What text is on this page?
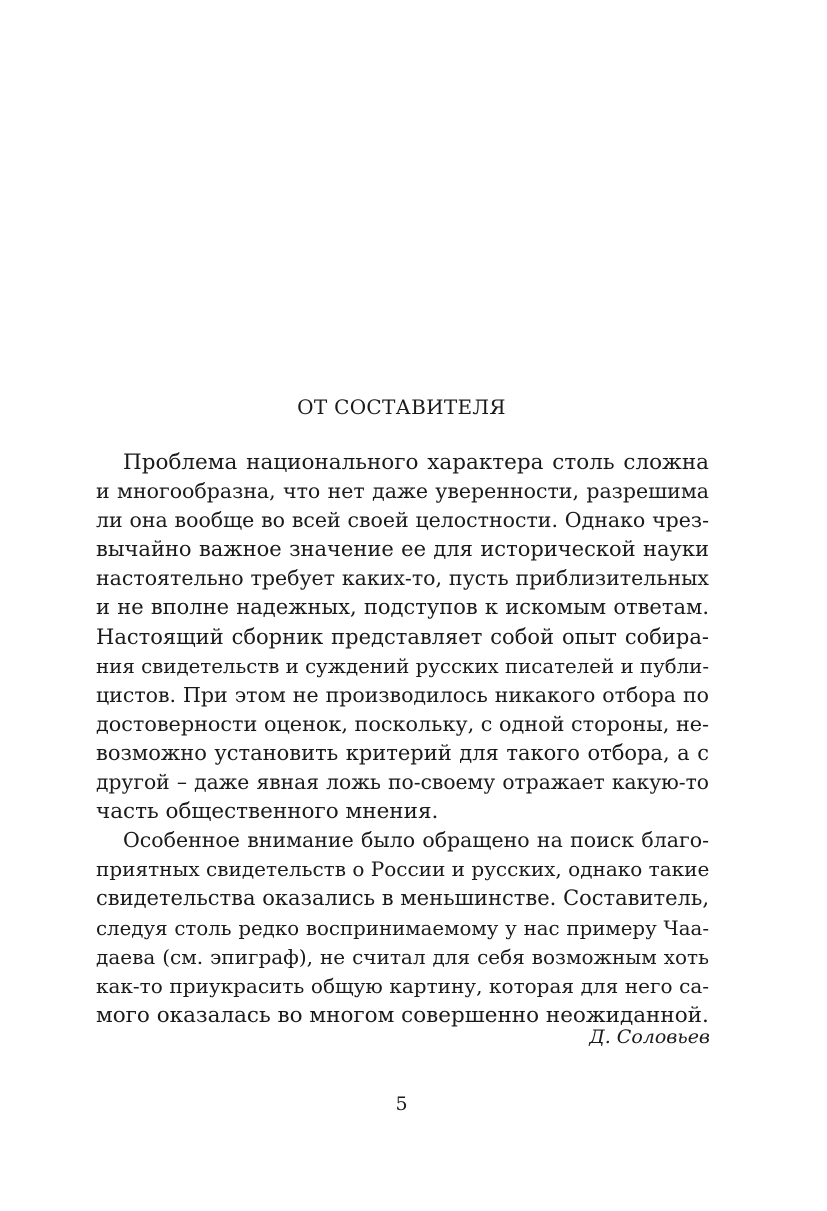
ОТ СОСТАВИТЕЛЯ
Проблема национального характера столь сложна
и многообразна, что нет даже уверенности, разрешима
ли она вообще во всей своей целостности. Однако чрез-
вычайно важное значение ее для исторической науки
настоятельно требует каких-то, пусть приблизительных
и не вполне надежных, подступов к искомым ответам.
Настоящий сборник представляет собой опыт собира-
ния свидетельств и суждений русских писателей и публи-
цистов. При этом не производилось никакого отбора по
достоверности оценок, поскольку, с одной стороны, не-
возможно установить критерий для такого отбора, а с
другой – даже явная ложь по-своему отражает какую-то
часть общественного мнения.
Особенное внимание было обращено на поиск благо-
приятных свидетельств о России и русских, однако такие
свидетельства оказались в меньшинстве. Составитель,
следуя столь редко воспринимаемому у нас примеру Чаа-
даева (см. эпиграф), не считал для себя возможным хоть
как-то приукрасить общую картину, которая для него са-
мого оказалась во многом совершенно неожиданной.
Д. Соловьев
5
